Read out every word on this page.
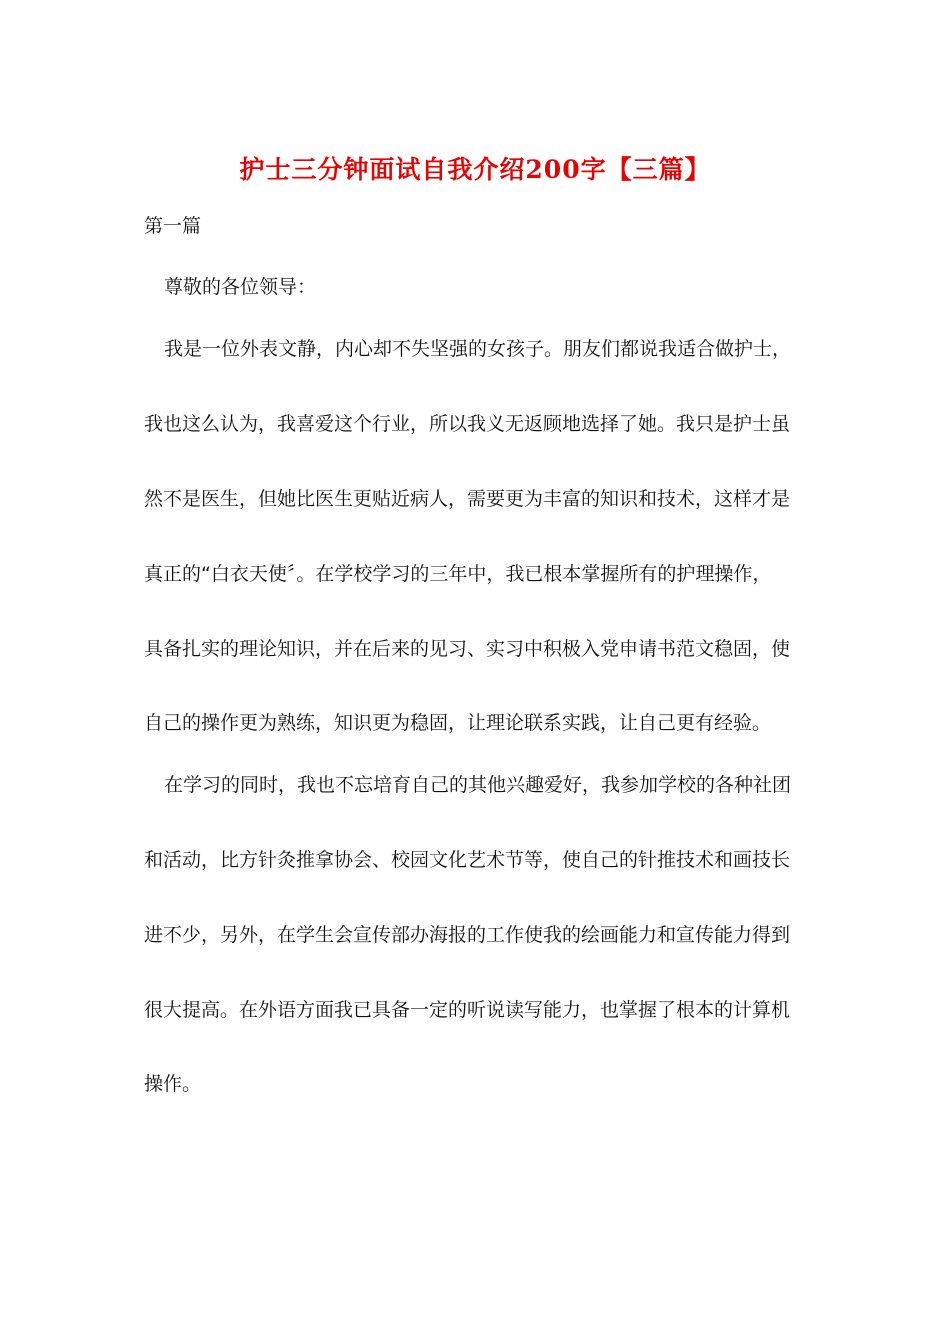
护士三分钟面试自我介绍200字【三篇】
第一篇
尊敬的各位领导：
我是一位外表文静，内心却不失坚强的女孩子。朋友们都说我适合做护士，
我也这么认为，我喜爱这个行业，所以我义无返顾地选择了她。我只是护士虽
然不是医生，但她比医生更贴近病人，需要更为丰富的知识和技术，这样才是
真正的“白衣天使〞。在学校学习的三年中，我已根本掌握所有的护理操作，
具备扎实的理论知识，并在后来的见习、实习中积极入党申请书范文稳固，使
自己的操作更为熟练，知识更为稳固，让理论联系实践，让自己更有经验。
在学习的同时，我也不忘培育自己的其他兴趣爱好，我参加学校的各种社团
和活动，比方针灸推拿协会、校园文化艺术节等，使自己的针推技术和画技长
进不少，另外，在学生会宣传部办海报的工作使我的绘画能力和宣传能力得到
很大提高。在外语方面我已具备一定的听说读写能力，也掌握了根本的计算机
操作。
